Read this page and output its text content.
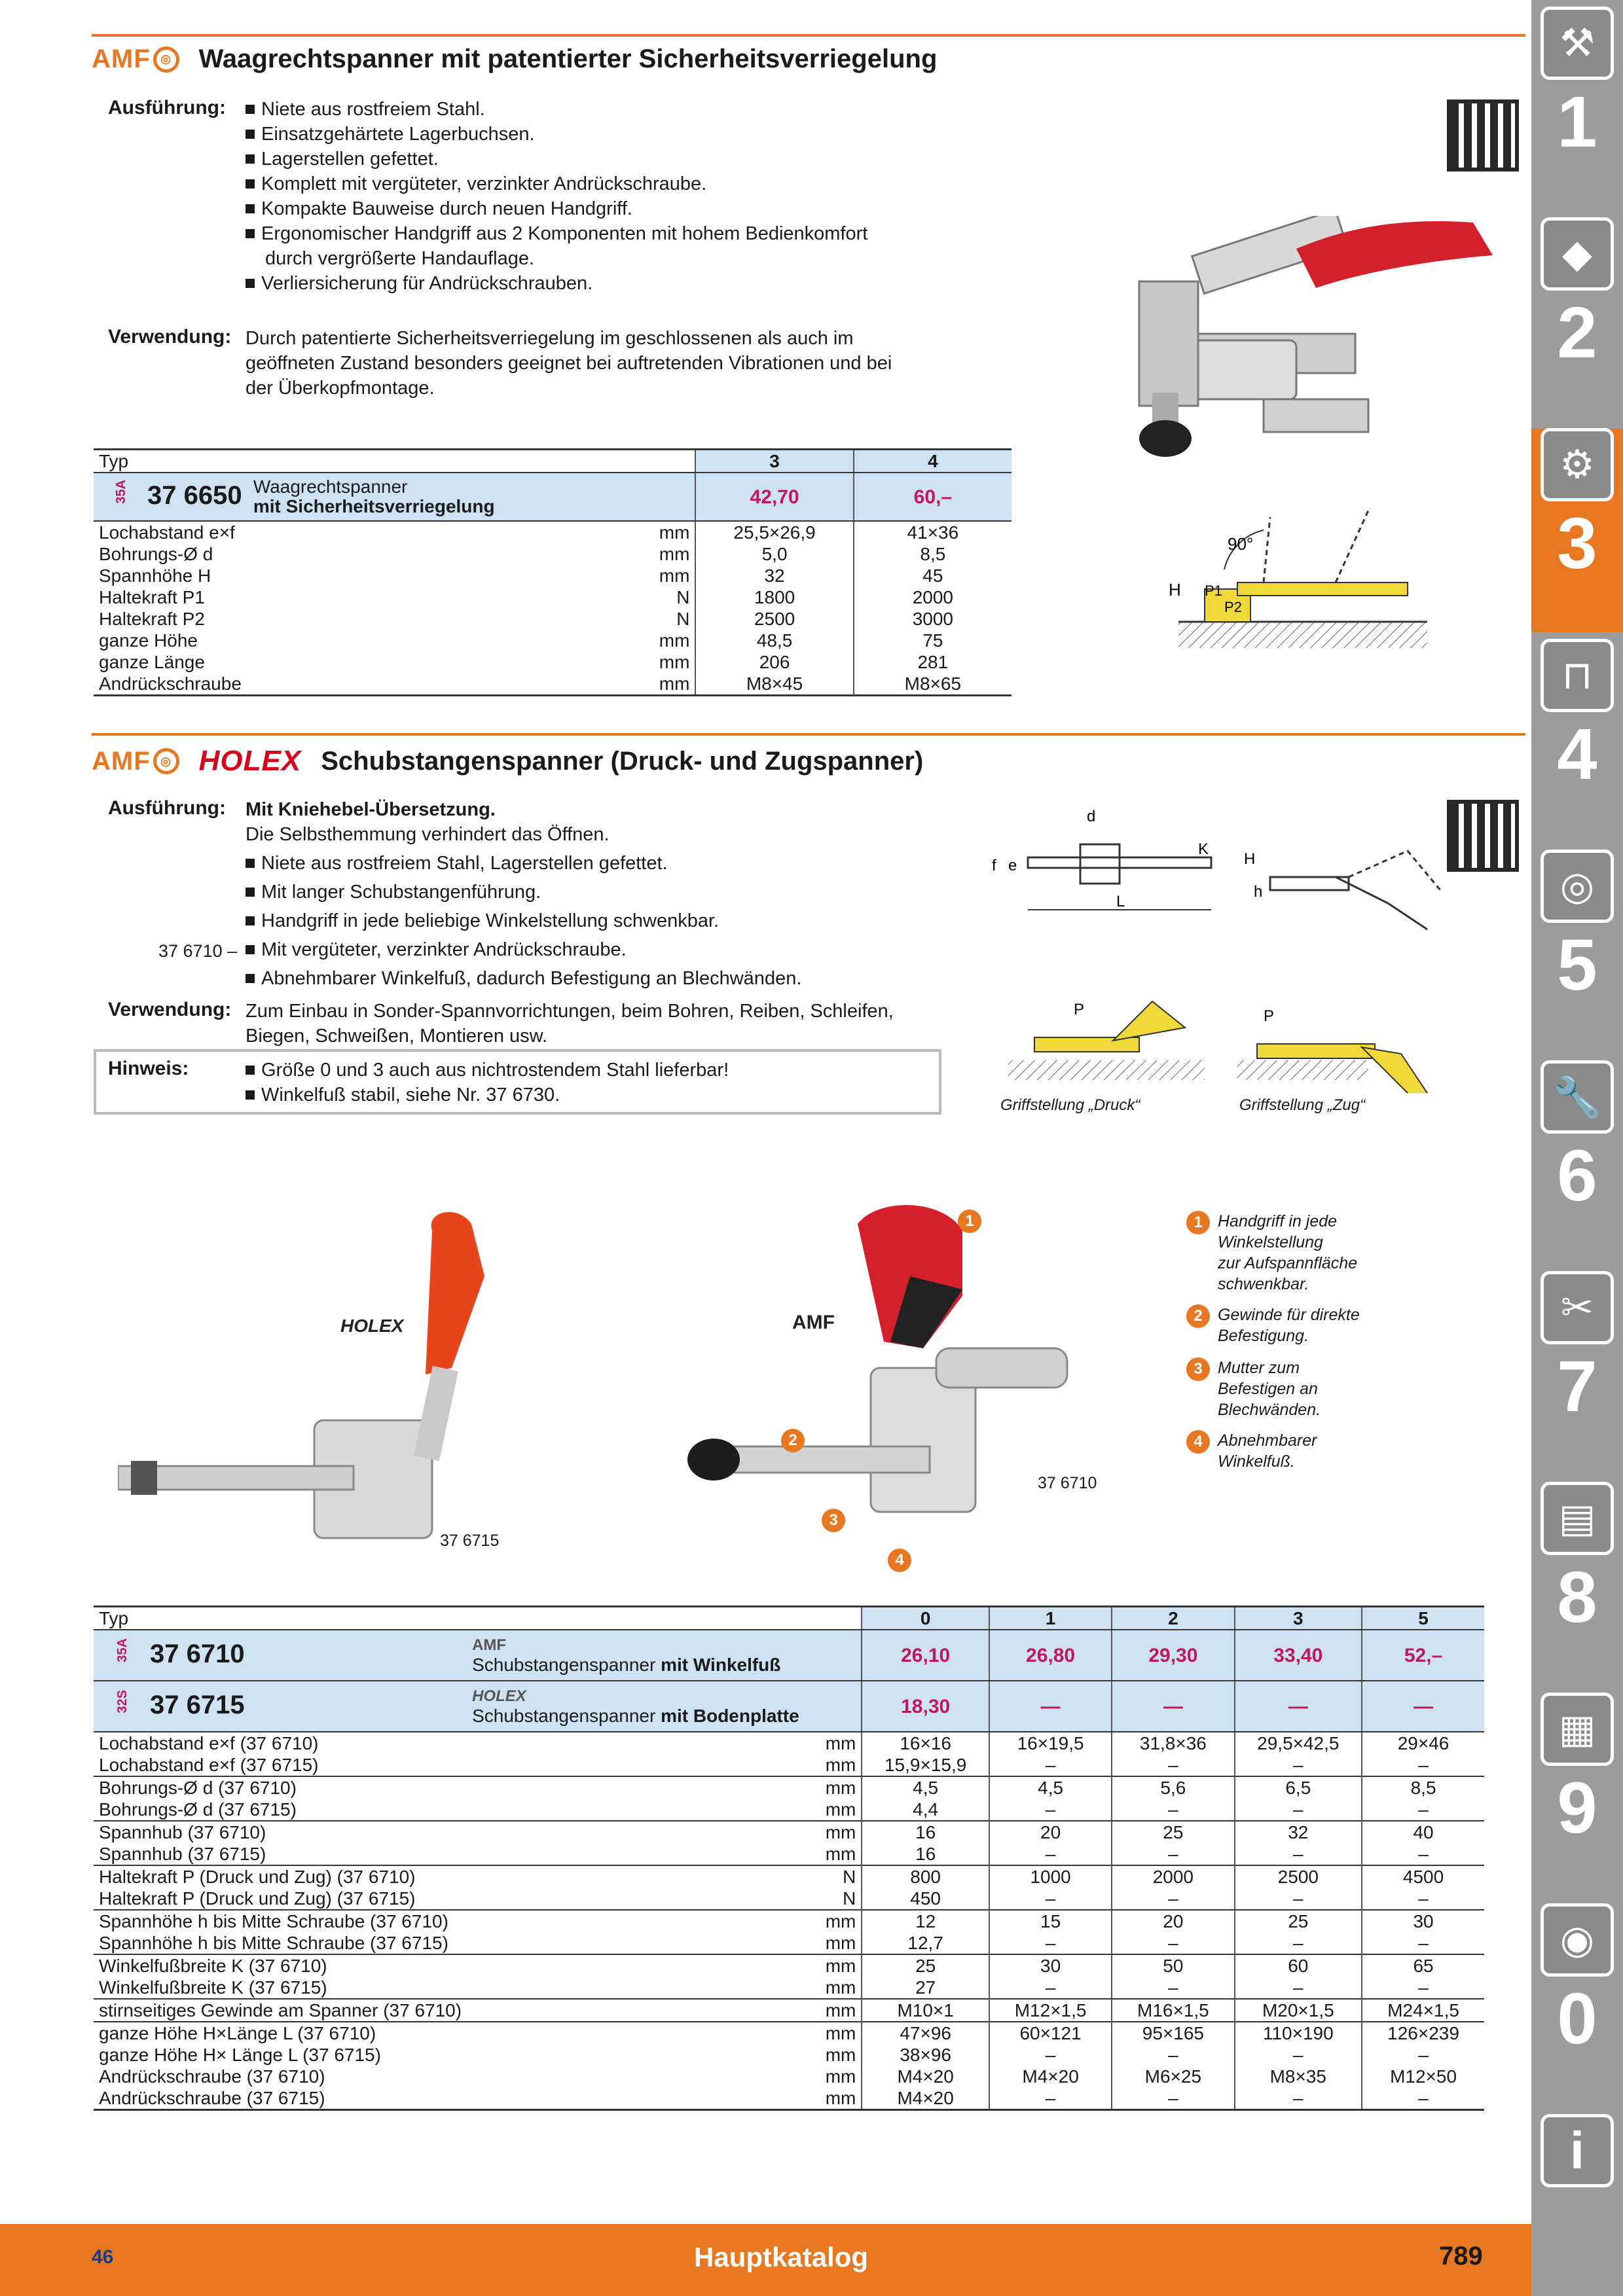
AMF ◎ Waagrechtspanner mit patentierter Sicherheitsverriegelung
Ausführung:	Niete aus rostfreiem Stahl.
Einsatzgehärtete Lagerbuchsen.
Lagerstellen gefettet.
Komplett mit vergüteter, verzinkter Andrückschraube.
Kompakte Bauweise durch neuen Handgriff.
Ergonomischer Handgriff aus 2 Komponenten mit hohem Bedienkomfort
durch vergrößerte Handauflage.
Verliersicherung für Andrückschrauben.
Verwendung: Durch patentierte Sicherheitsverriegelung im geschlossenen als auch im
geöffneten Zustand besonders geeignet bei auftretenden Vibrationen und bei
der Überkopfmontage.
90°
H P1
P2
Typ		3	4
35A 37 6650	Waagrechtspanner
mit Sicherheitsverriegelung	42,70	60,–
Lochabstand e×f	mm	25,5×26,9	41×36
Bohrungs-Ø d	mm	5,0	8,5
Spannhöhe H	mm	32	45
Haltekraft P1	N	1800	2000
Haltekraft P2	N	2500	3000
ganze Höhe	mm	48,5	75
ganze Länge	mm	206	281
Andrückschraube	mm	M8×45	M8×65
AMF ◎ HOLEX Schubstangenspanner (Druck- und Zugspanner)
Ausführung: Mit Kniehebel-Übersetzung.
Die Selbsthemmung verhindert das Öffnen.
Niete aus rostfreiem Stahl, Lagerstellen gefettet.
Mit langer Schubstangenführung.
Handgriff in jede beliebige Winkelstellung schwenkbar.
Mit vergüteter, verzinkter Andrückschraube.
Abnehmbarer Winkelfuß, dadurch Befestigung an Blechwänden.
37 6710 –
Verwendung: Zum Einbau in Sonder-Spannvorrichtungen, beim Bohren, Reiben, Schleifen,
Biegen, Schweißen, Montieren usw.
Hinweis:	Größe 0 und 3 auch aus nichtrostendem Stahl lieferbar!
Winkelfuß stabil, siehe Nr. 37 6730.
d
K
L
f e	H
h
P	P
Griffstellung „Druck“	Griffstellung „Zug“
HOLEX
37 6715
AMF
37 6710
1
2
3
4
1 Handgriff in jede
Winkelstellung
zur Aufspannfläche
schwenkbar.
2 Gewinde für direkte
Befestigung.
3 Mutter zum
Befestigen an
Blechwänden.
4 Abnehmbarer
Winkelfuß.
Typ		0	1	2	3	5
35A 37 6710	AMF
Schubstangenspanner mit Winkelfuß	26,10	26,80	29,30	33,40	52,–
32S 37 6715	HOLEX
Schubstangenspanner mit Bodenplatte	18,30	—	—	—	—
Lochabstand e×f (37 6710)	mm	16×16	16×19,5	31,8×36	29,5×42,5	29×46
Lochabstand e×f (37 6715)	mm	15,9×15,9	–	–	–	–
Bohrungs-Ø d (37 6710)	mm	4,5	4,5	5,6	6,5	8,5
Bohrungs-Ø d (37 6715)	mm	4,4	–	–	–	–
Spannhub (37 6710)	mm	16	20	25	32	40
Spannhub (37 6715)	mm	16	–	–	–	–
Haltekraft P (Druck und Zug) (37 6710)	N	800	1000	2000	2500	4500
Haltekraft P (Druck und Zug) (37 6715)	N	450	–	–	–	–
Spannhöhe h bis Mitte Schraube (37 6710)	mm	12	15	20	25	30
Spannhöhe h bis Mitte Schraube (37 6715)	mm	12,7	–	–	–	–
Winkelfußbreite K (37 6710)	mm	25	30	50	60	65
Winkelfußbreite K (37 6715)	mm	27	–	–	–	–
stirnseitiges Gewinde am Spanner (37 6710)	mm	M10×1	M12×1,5	M16×1,5	M20×1,5	M24×1,5
ganze Höhe H×Länge L (37 6710)	mm	47×96	60×121	95×165	110×190	126×239
ganze Höhe H× Länge L (37 6715)	mm	38×96	–	–	–	–
Andrückschraube (37 6710)	mm	M4×20	M4×20	M6×25	M8×35	M12×50
Andrückschraube (37 6715)	mm	M4×20	–	–	–	–
⚒
1
◆
2
⚙
3
⊓
4
◎
5
🔧
6
✂
7
▤
8
▦
9
◉
0
i
46	Hauptkatalog	789
